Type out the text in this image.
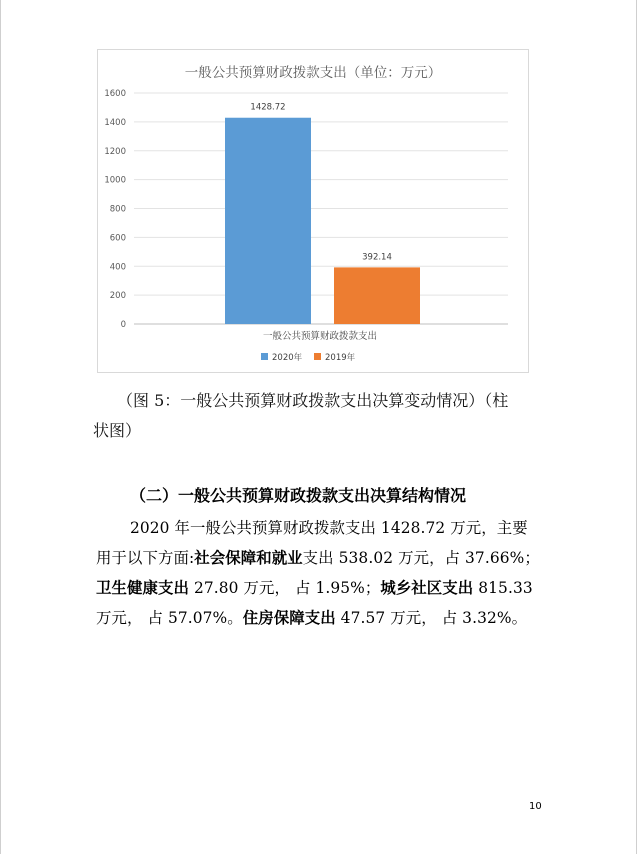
一般公共预算财政拨款支出（单位：万元）
0
200
400
600
800
1000
1200
1400
1600
1428.72
392.14
一般公共预算财政拨款支出
2020年	2019年

（图 5：一般公共预算财政拨款支出决算变动情况）（柱

状图）

（二）一般公共预算财政拨款支出决算结构情况
2020 年一般公共预算财政拨款支出 1428.72 万元，主要
用于以下方面:社会保障和就业支出 538.02 万元，占 37.66%；
卫生健康支出 27.80 万元， 占 1.95%；城乡社区支出 815.33
万元， 占 57.07%。住房保障支出 47.57 万元， 占 3.32%。
10
